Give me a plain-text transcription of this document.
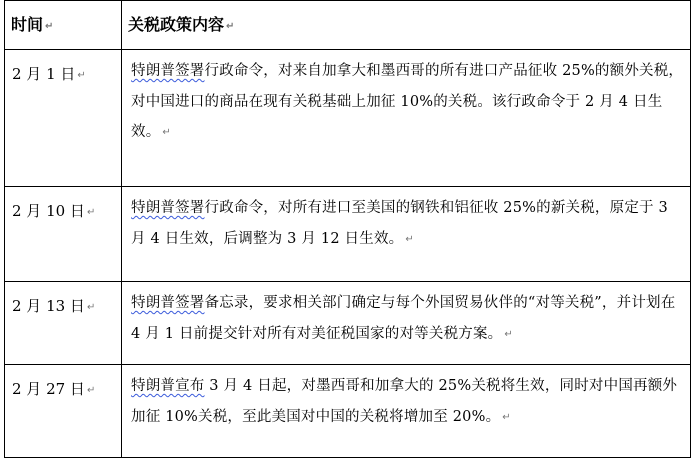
时间 ↵	关税政策内容 ↵

2 月 1 日 ↵	特朗普签署行政命令，对来自加拿大和墨西哥的所有进口产品征收 25%的额外关税，对中国进口的商品在现有关税基础上加征 10%的关税。该行政命令于 2 月 4 日生效。 ↵

2 月 10 日 ↵	特朗普签署行政命令，对所有进口至美国的钢铁和铝征收 25%的新关税，原定于 3 月 4 日生效，后调整为 3 月 12 日生效。 ↵

2 月 13 日 ↵	特朗普签署备忘录，要求相关部门确定与每个外国贸易伙伴的“对等关税”，并计划在 4 月 1 日前提交针对所有对美征税国家的对等关税方案。 ↵

2 月 27 日 ↵	特朗普宣布 3 月 4 日起，对墨西哥和加拿大的 25%关税将生效，同时对中国再额外加征 10%关税，至此美国对中国的关税将增加至 20%。 ↵
